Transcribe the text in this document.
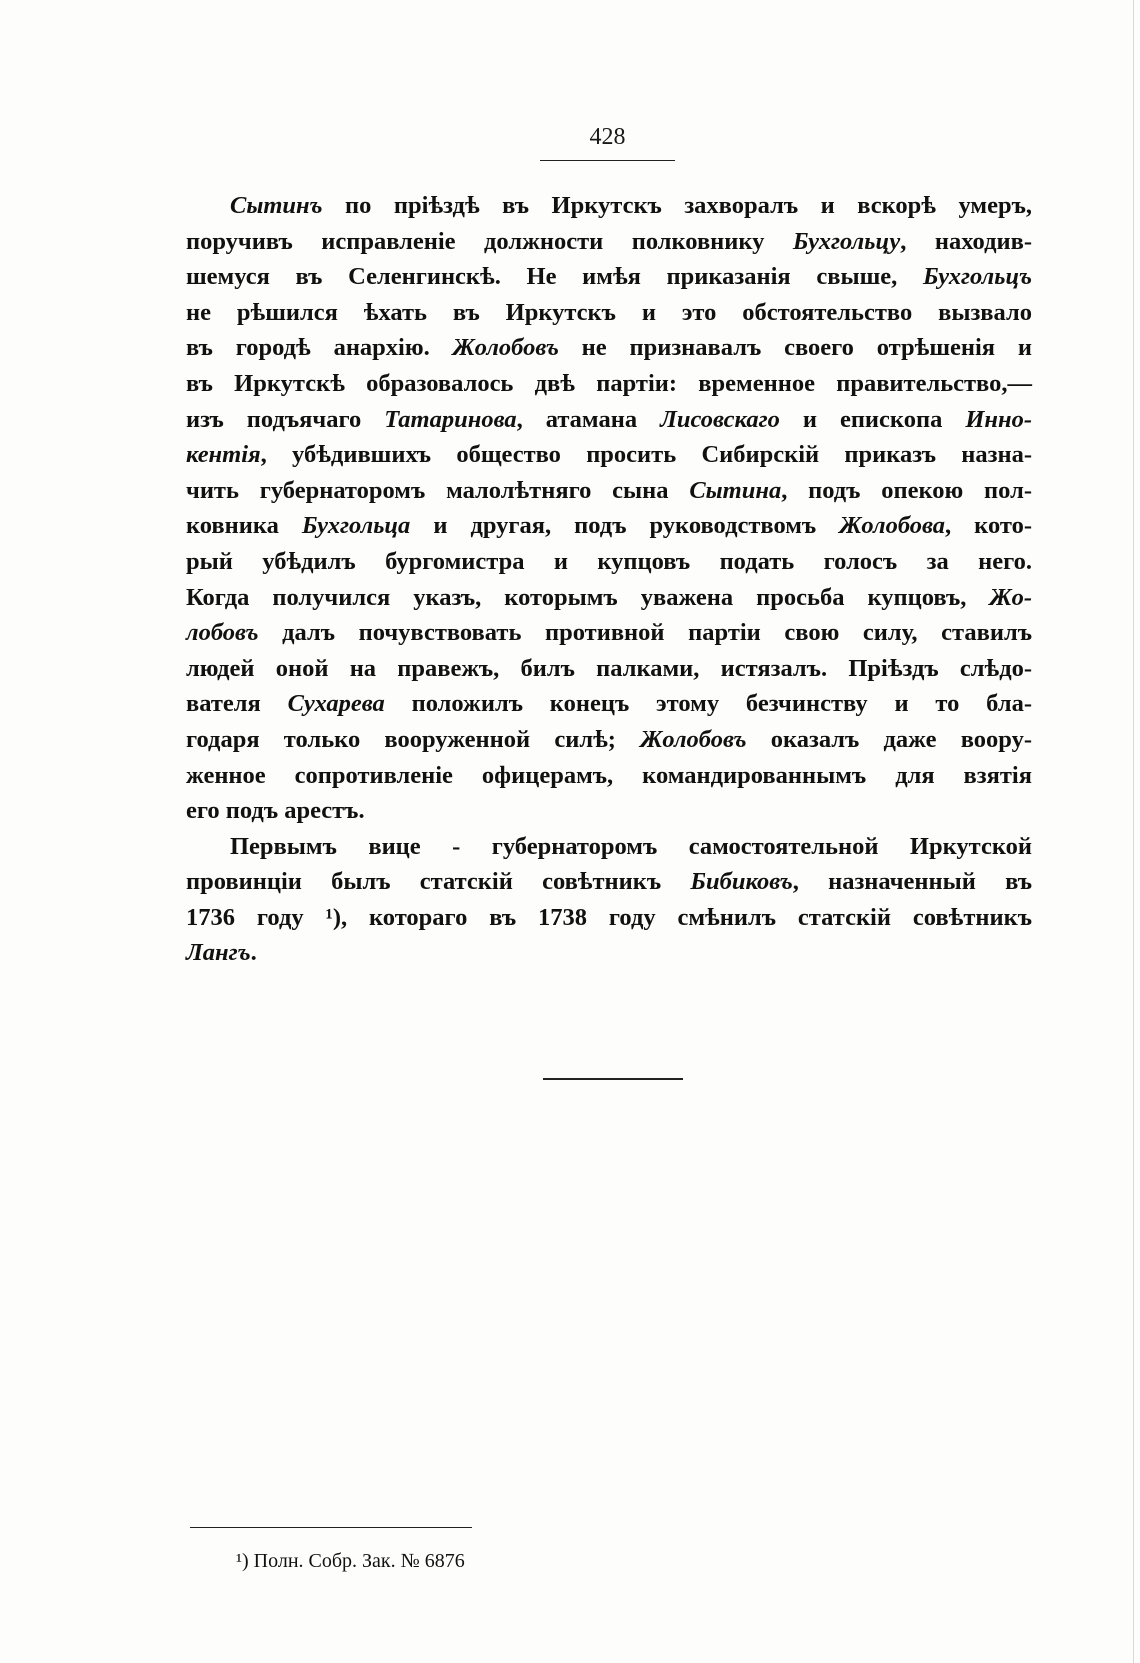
428
Сытинъ по пріѣздѣ въ Иркутскъ захворалъ и вскорѣ умеръ,
поручивъ исправленіе должности полковнику Бухгольцу, находив-
шемуся въ Селенгинскѣ. Не имѣя приказанія свыше, Бухгольцъ
не рѣшился ѣхать въ Иркутскъ и это обстоятельство вызвало
въ городѣ анархію. Жолобовъ не признавалъ своего отрѣшенія и
въ Иркутскѣ образовалось двѣ партіи: временное правительство,—
изъ подъячаго Татаринова, атамана Лисовскаго и епископа Инно-
кентія, убѣдившихъ общество просить Сибирскій приказъ назна-
чить губернаторомъ малолѣтняго сына Сытина, подъ опекою пол-
ковника Бухгольца и другая, подъ руководствомъ Жолобова, кото-
рый убѣдилъ бургомистра и купцовъ подать голосъ за него.
Когда получился указъ, которымъ уважена просьба купцовъ, Жо-
лобовъ далъ почувствовать противной партіи свою силу, ставилъ
людей оной на правежъ, билъ палками, истязалъ. Пріѣздъ слѣдо-
вателя Сухарева положилъ конецъ этому безчинству и то бла-
годаря только вооруженной силѣ; Жолобовъ оказалъ даже воору-
женное сопротивленіе офицерамъ, командированнымъ для взятія
его подъ арестъ.
Первымъ вице - губернаторомъ самостоятельной Иркутской
провинціи былъ статскій совѣтникъ Бибиковъ, назначенный въ
1736 году ¹), котораго въ 1738 году смѣнилъ статскій совѣтникъ
Лангъ.
¹) Полн. Собр. Зак. № 6876
